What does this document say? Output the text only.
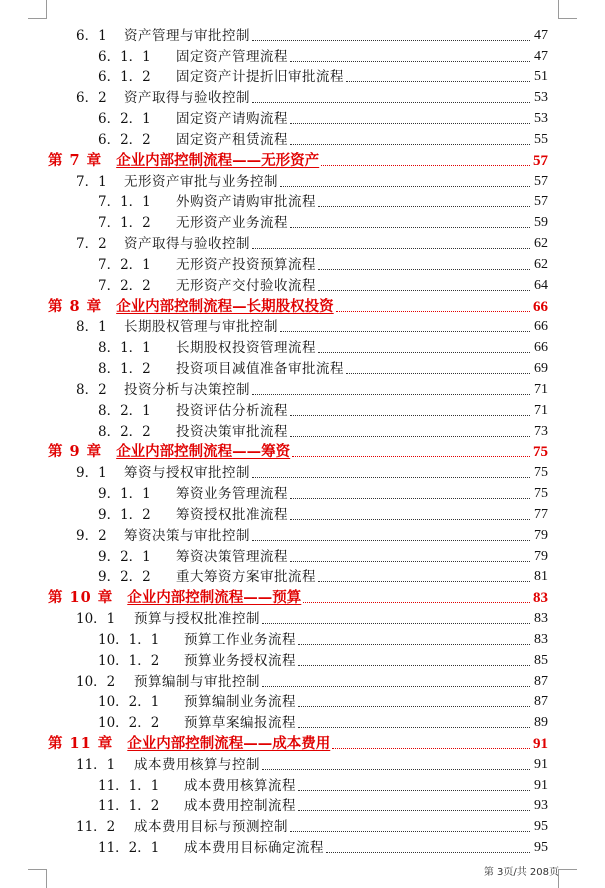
6．1	资产管理与审批控制	47
6．1．1	固定资产管理流程	47
6．1．2	固定资产计提折旧审批流程	51
6．2	资产取得与验收控制	53
6．2．1	固定资产请购流程	53
6．2．2	固定资产租赁流程	55
第 7 章 企业内部控制流程——无形资产	57
7．1	无形资产审批与业务控制	57
7．1．1	外购资产请购审批流程	57
7．1．2	无形资产业务流程	59
7．2	资产取得与验收控制	62
7．2．1	无形资产投资预算流程	62
7．2．2	无形资产交付验收流程	64
第 8 章 企业内部控制流程—长期股权投资	66
8．1	长期股权管理与审批控制	66
8．1．1	长期股权投资管理流程	66
8．1．2	投资项目减值准备审批流程	69
8．2	投资分析与决策控制	71
8．2．1	投资评估分析流程	71
8．2．2	投资决策审批流程	73
第 9 章 企业内部控制流程——筹资	75
9．1	筹资与授权审批控制	75
9．1．1	筹资业务管理流程	75
9．1．2	筹资授权批准流程	77
9．2	筹资决策与审批控制	79
9．2．1	筹资决策管理流程	79
9．2．2	重大筹资方案审批流程	81
第 10 章 企业内部控制流程——预算	83
10．1	预算与授权批准控制	83
10．1．1	预算工作业务流程	83
10．1．2	预算业务授权流程	85
10．2	预算编制与审批控制	87
10．2．1	预算编制业务流程	87
10．2．2	预算草案编报流程	89
第 11 章 企业内部控制流程——成本费用	91
11．1	成本费用核算与控制	91
11．1．1	成本费用核算流程	91
11．1．2	成本费用控制流程	93
11．2	成本费用目标与预测控制	95
11．2．1	成本费用目标确定流程	95
第 3页/共 208页
